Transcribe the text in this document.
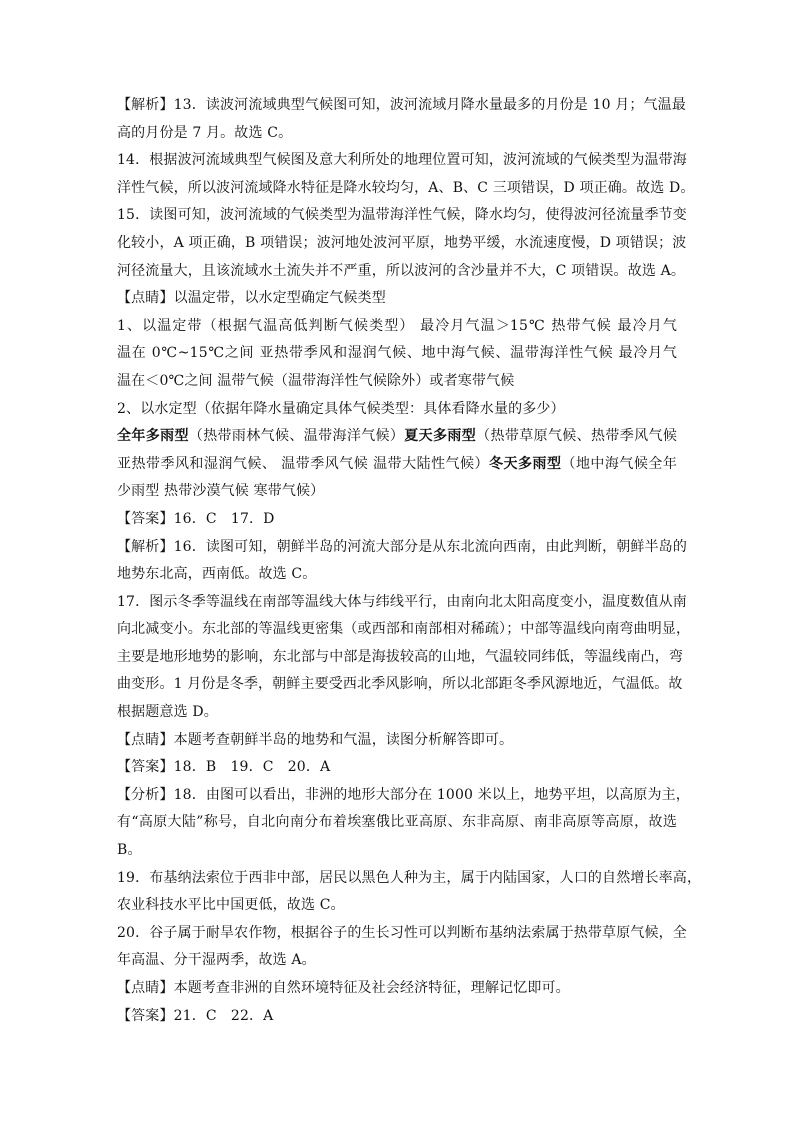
【解析】13．读波河流域典型气候图可知，波河流域月降水量最多的月份是 10 月；气温最
高的月份是 7 月。故选 C。
14．根据波河流域典型气候图及意大利所处的地理位置可知，波河流域的气候类型为温带海
洋性气候，所以波河流域降水特征是降水较均匀，A、B、C 三项错误，D 项正确。故选 D。
15．读图可知，波河流域的气候类型为温带海洋性气候，降水均匀，使得波河径流量季节变
化较小，A 项正确，B 项错误；波河地处波河平原，地势平缓，水流速度慢，D 项错误；波
河径流量大，且该流域水土流失并不严重，所以波河的含沙量并不大，C 项错误。故选 A。
【点睛】以温定带，以水定型确定气候类型
1、以温定带（根据气温高低判断气候类型） 最冷月气温＞15℃ 热带气候 最冷月气
温在 0℃~15℃之间 亚热带季风和湿润气候、地中海气候、温带海洋性气候 最冷月气
温在＜0℃之间 温带气候（温带海洋性气候除外）或者寒带气候
2、以水定型（依据年降水量确定具体气候类型：具体看降水量的多少）
全年多雨型（热带雨林气候、温带海洋气候）夏天多雨型（热带草原气候、热带季风气候
亚热带季风和湿润气候、 温带季风气候 温带大陆性气候）冬天多雨型（地中海气候全年
少雨型 热带沙漠气候 寒带气候）
【答案】16．C　17．D
【解析】16．读图可知，朝鲜半岛的河流大部分是从东北流向西南，由此判断，朝鲜半岛的
地势东北高，西南低。故选 C。
17．图示冬季等温线在南部等温线大体与纬线平行，由南向北太阳高度变小，温度数值从南
向北减变小。东北部的等温线更密集（或西部和南部相对稀疏）；中部等温线向南弯曲明显，
主要是地形地势的影响，东北部与中部是海拔较高的山地，气温较同纬低，等温线南凸，弯
曲变形。1 月份是冬季，朝鲜主要受西北季风影响，所以北部距冬季风源地近，气温低。故
根据题意选 D。
【点睛】本题考查朝鲜半岛的地势和气温，读图分析解答即可。
【答案】18．B　19．C　20．A
【分析】18．由图可以看出，非洲的地形大部分在 1000 米以上，地势平坦，以高原为主，
有“高原大陆”称号，自北向南分布着埃塞俄比亚高原、东非高原、南非高原等高原，故选
B。
19．布基纳法索位于西非中部，居民以黑色人种为主，属于内陆国家，人口的自然增长率高，
农业科技水平比中国更低，故选 C。
20．谷子属于耐旱农作物，根据谷子的生长习性可以判断布基纳法索属于热带草原气候，全
年高温、分干湿两季，故选 A。
【点睛】本题考查非洲的自然环境特征及社会经济特征，理解记忆即可。
【答案】21．C　22．A
